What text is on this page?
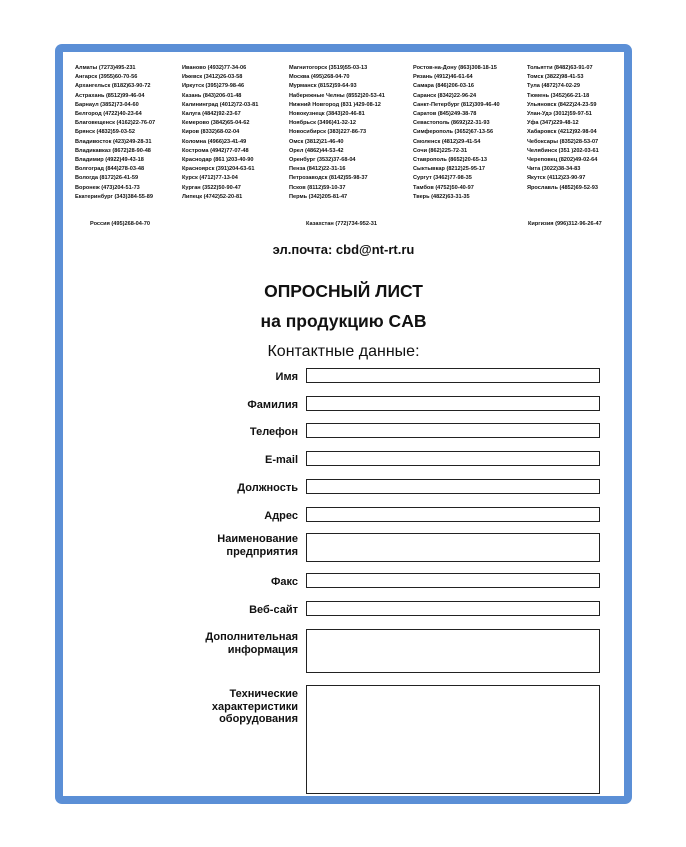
Алматы (7273)495-231
Ангарск (3955)60-70-56
Архангельск (8182)63-90-72
Астрахань (8512)99-46-04
Барнаул (3852)73-04-60
Белгород (4722)40-23-64
Благовещенск (4162)22-76-07
Брянск (4832)59-03-52
Владивосток (423)249-28-31
Владикавказ (8672)28-90-48
Владимир (4922)49-43-18
Волгоград (844)278-03-48
Вологда (8172)26-41-59
Воронеж (473)204-51-73
Екатеринбург (343)384-55-89
Иваново (4932)77-34-06
Ижевск (3412)26-03-58
Иркутск (395)279-98-46
Казань (843)206-01-48
Калининград (4012)72-03-81
Калуга (4842)92-23-67
Кемерово (3842)65-04-62
Киров (8332)68-02-04
Коломна (4966)23-41-49
Кострома (4942)77-07-48
Краснодар (861 )203-40-90
Красноярск (391)204-63-61
Курск (4712)77-13-04
Курган (3522)50-90-47
Липецк (4742)52-20-81
Магнитогорск (3519)55-03-13
Москва (495)268-04-70
Мурманск (8152)59-64-93
Набережные Челны (8552)20-53-41
Нижний Новгород (831 )429-08-12
Новокузнецк (3843)20-46-81
Ноябрьск (3496)41-32-12
Новосибирск (383)227-86-73
Омск (3812)21-46-40
Орел (4862)44-53-42
Оренбург (3532)37-68-04
Пенза (8412)22-31-16
Петрозаводск (8142)55-98-37
Псков (8112)59-10-37
Пермь (342)205-81-47
Ростов-на-Дону (863)308-18-15
Рязань (4912)46-61-64
Самара (846)206-03-16
Саранск (8342)22-96-24
Санкт-Петербург (812)309-46-40
Саратов (845)249-38-78
Севастополь (8692)22-31-93
Симферополь (3652)67-13-56
Смоленск (4812)29-41-54
Сочи (862)225-72-31
Ставрополь (8652)20-65-13
Сыктывкар (8212)25-95-17
Сургут (3462)77-98-35
Тамбов (4752)50-40-97
Тверь (4822)63-31-35
Тольятти (8482)63-91-07
Томск (3822)98-41-53
Тула (4872)74-02-29
Тюмень (3452)66-21-18
Ульяновск (8422)24-23-59
Улан-Удэ (3012)59-97-51
Уфа (347)229-48-12
Хабаровск (4212)92-98-04
Чебоксары (8352)28-53-07
Челябинск (351 )202-03-61
Череповец (8202)49-02-64
Чита (3022)38-34-83
Якутск (4112)23-90-97
Ярославль (4852)69-52-93
Россия (495)268-04-70	Казахстан (772)734-952-31	Киргизия (996)312-96-26-47
эл.почта: cbd@nt-rt.ru
ОПРОСНЫЙ ЛИСТ
на продукцию CAB
Контактные данные:
Имя
Фамилия
Телефон
E-mail
Должность
Адрес
Наименование
предприятия
Факс
Веб-сайт
Дополнительная
информация
Технические
характеристики
оборудования
